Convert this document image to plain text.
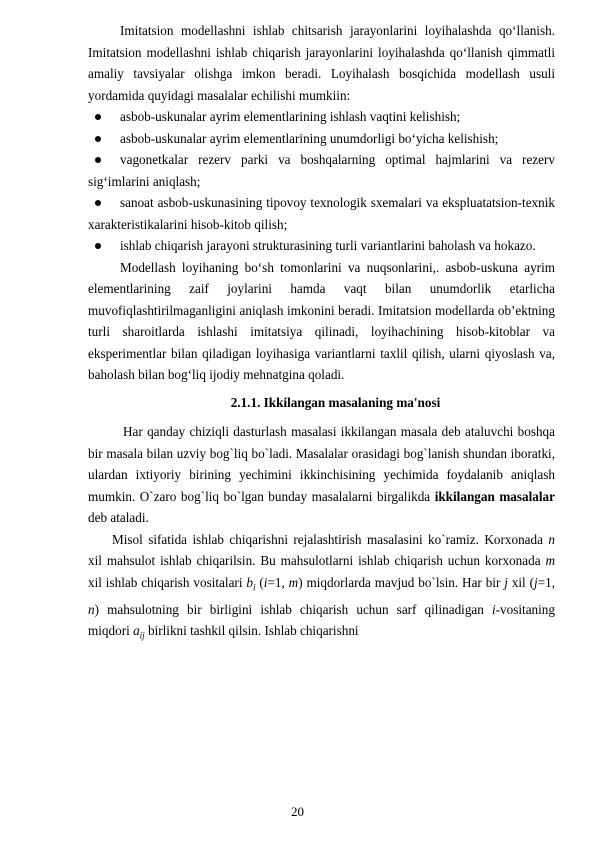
Imitatsion modellashni ishlab chitsarish jarayonlarini loyihalashda qo‘llanish. Imitatsion modellashni ishlab chiqarish jarayonlarini loyihalashda qo‘llanish qimmatli amaliy tavsiyalar olishga imkon beradi. Loyihalash bosqichida modellash usuli yordamida quyidagi masalalar echilishi mumkiin:

asbob-uskunalar ayrim elementlarining ishlash vaqtini kelishish;

asbob-uskunalar ayrim elementlarining unumdorligi bo‘yicha kelishish;

vagonetkalar rezerv parki va boshqalarning optimal hajmlarini va rezerv sig‘imlarini aniqlash;

sanoat asbob-uskunasining tipovoy texnologik sxemalari va ekspluatatsion-texnik xarakteristikalarini hisob-kitob qilish;

ishlab chiqarish jarayoni strukturasining turli variantlarini baholash va hokazo.

Modellash loyihaning bo‘sh tomonlarini va nuqsonlarini,. asbob-uskuna ayrim elementlarining zaif joylarini hamda vaqt bilan unumdorlik etarlicha muvofiqlashtirilmaganligini aniqlash imkonini beradi. Imitatsion modellarda ob’ektning turli sharoitlarda ishlashi imitatsiya qilinadi, loyihachining hisob-kitoblar va eksperimentlar bilan qiladigan loyihasiga variantlarni taxlil qilish, ularni qiyoslash va, baholash bilan bog‘liq ijodiy mehnatgina qoladi.

2.1.1. Ikkilangan masalaning ma'nosi

Har qanday chiziqli dasturlash masalasi ikkilangan masala deb ataluvchi boshqa bir masala bilan uzviy bog`liq bo`ladi. Masalalar orasidagi bog`lanish shundan iboratki, ulardan ixtiyoriy birining yechimini ikkinchisining yechimida foydalanib aniqlash mumkin. O`zaro bog`liq bo`lgan bunday masalalarni birgalikda ikkilangan masalalar deb ataladi.

Misol sifatida ishlab chiqarishni rejalashtirish masalasini ko`ramiz. Korxonada n xil mahsulot ishlab chiqarilsin. Bu mahsulotlarni ishlab chiqarish uchun korxonada m xil ishlab chiqarish vositalari $b_i$ (i=1, m) miqdorlarda mavjud bo`lsin. Har bir j xil (j=1, n) mahsulotning bir birligini ishlab chiqarish uchun sarf qilinadigan i-vositaning miqdori $a_{ij}$ birlikni tashkil qilsin. Ishlab chiqarishni

20
